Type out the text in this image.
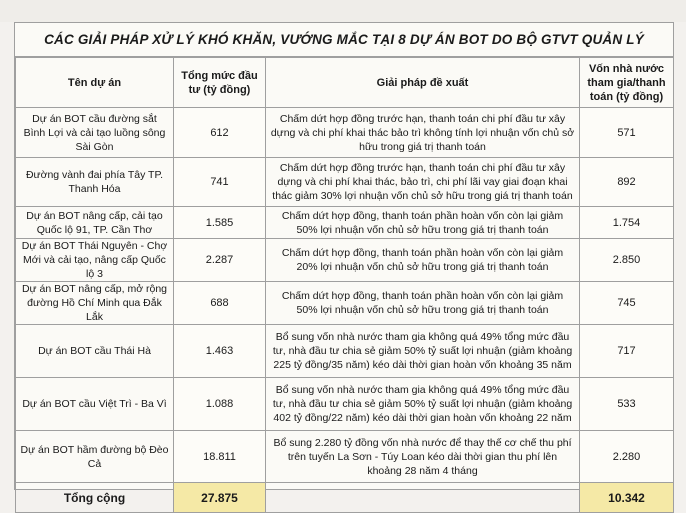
CÁC GIẢI PHÁP XỬ LÝ KHÓ KHĂN, VƯỚNG MẮC TẠI 8 DỰ ÁN BOT DO BỘ GTVT QUẢN LÝ
Tên dự án	Tổng mức đầu tư (tỷ đồng)	Giải pháp đề xuất	Vốn nhà nước tham gia/thanh toán (tỷ đồng)
Dự án BOT cầu đường sắt Bình Lợi và cải tạo luồng sông Sài Gòn	612	Chấm dứt hợp đồng trước hạn, thanh toán chi phí đầu tư xây dựng và chi phí khai thác bảo trì không tính lợi nhuận vốn chủ sở hữu trong giá trị thanh toán	571
Đường vành đai phía Tây TP. Thanh Hóa	741	Chấm dứt hợp đồng trước hạn, thanh toán chi phí đầu tư xây dựng và chi phí khai thác, bảo trì, chi phí lãi vay giai đoạn khai thác giảm 30% lợi nhuận vốn chủ sở hữu trong giá trị thanh toán	892
Dự án BOT nâng cấp, cải tạo Quốc lộ 91, TP. Cần Thơ	1.585	Chấm dứt hợp đồng, thanh toán phần hoàn vốn còn lại giảm 50% lợi nhuận vốn chủ sở hữu trong giá trị thanh toán	1.754
Dự án BOT Thái Nguyên - Chợ Mới và cải tạo, nâng cấp Quốc lộ 3	2.287	Chấm dứt hợp đồng, thanh toán phần hoàn vốn còn lại giảm 20% lợi nhuận vốn chủ sở hữu trong giá trị thanh toán	2.850
Dự án BOT nâng cấp, mở rộng đường Hồ Chí Minh qua Đắk Lắk	688	Chấm dứt hợp đồng, thanh toán phần hoàn vốn còn lại giảm 50% lợi nhuận vốn chủ sở hữu trong giá trị thanh toán	745
Dự án BOT cầu Thái Hà	1.463	Bổ sung vốn nhà nước tham gia không quá 49% tổng mức đầu tư, nhà đầu tư chia sẻ giảm 50% tỷ suất lợi nhuận (giảm khoảng 225 tỷ đồng/35 năm) kéo dài thời gian hoàn vốn khoảng 35 năm	717
Dự án BOT cầu Việt Trì - Ba Vì	1.088	Bổ sung vốn nhà nước tham gia không quá 49% tổng mức đầu tư, nhà đầu tư chia sẻ giảm 50% tỷ suất lợi nhuận (giảm khoảng 402 tỷ đồng/22 năm) kéo dài thời gian hoàn vốn khoảng 22 năm	533
Dự án BOT hầm đường bộ Đèo Cả	18.811	Bổ sung 2.280 tỷ đồng vốn nhà nước để thay thế cơ chế thu phí trên tuyến La Sơn - Túy Loan kéo dài thời gian thu phí lên khoảng 28 năm 4 tháng	2.280
Tổng cộng	27.875		10.342
